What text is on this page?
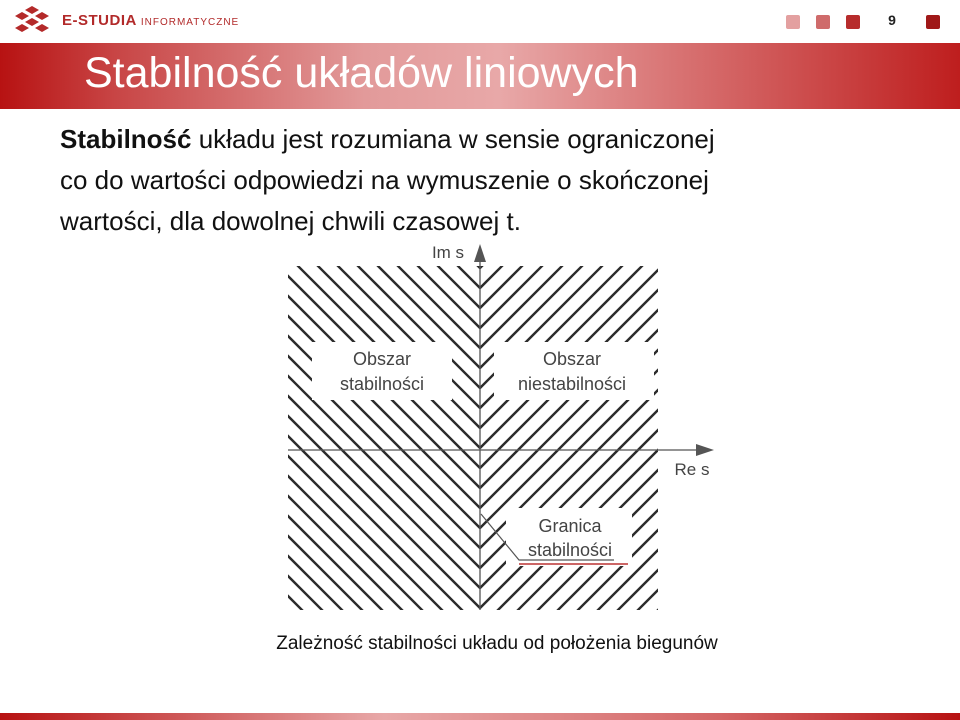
E-STUDIA INFORMATYCZNE	9
Stabilność układów liniowych
Stabilność układu jest rozumiana w sensie ograniczonej
co do wartości odpowiedzi na wymuszenie o skończonej
wartości, dla dowolnej chwili czasowej t.
Im s
Re s
Obszar
stabilności
Obszar
niestabilności
Granica
stabilności
Zależność stabilności układu od położenia biegunów
